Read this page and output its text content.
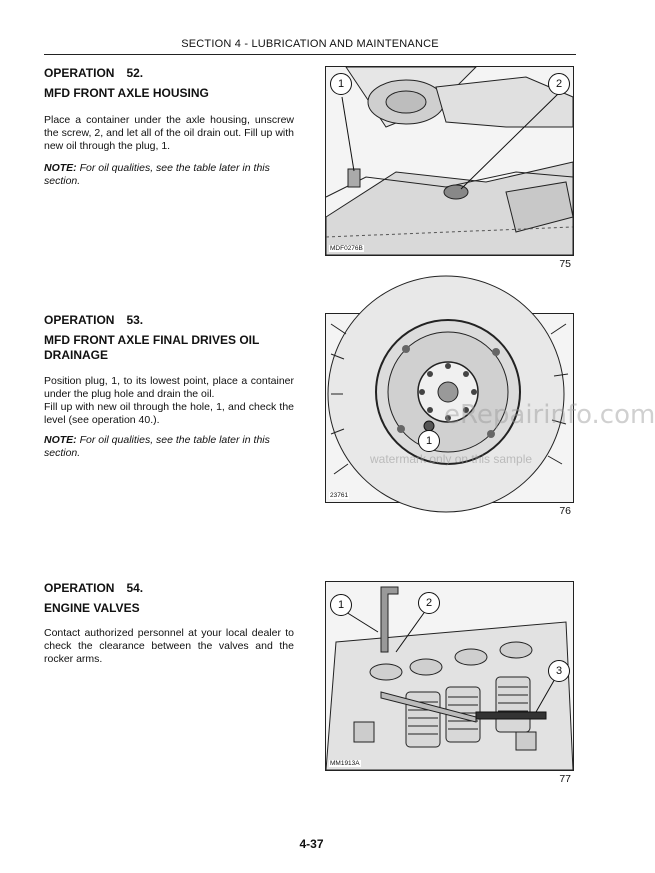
SECTION 4 - LUBRICATION AND MAINTENANCE
OPERATION 52.
MFD FRONT AXLE HOUSING
Place a container under the axle housing, unscrew the screw, 2, and let all of the oil drain out. Fill up with new oil through the plug, 1.
NOTE: For oil qualities, see the table later in this section.
1	2
MDF0276B
75
OPERATION 53.
MFD FRONT AXLE FINAL DRIVES OIL DRAINAGE
Position plug, 1, to its lowest point, place a container under the plug hole and drain the oil.
Fill up with new oil through the hole, 1, and check the level (see operation 40.).
NOTE: For oil qualities, see the table later in this section.
1
23761
76
eRepairinfo.com
watermark only on this sample
OPERATION 54.
ENGINE VALVES
Contact authorized personnel at your local dealer to check the clearance between the valves and the rocker arms.
1	2
3
MM1913A
77
4-37
